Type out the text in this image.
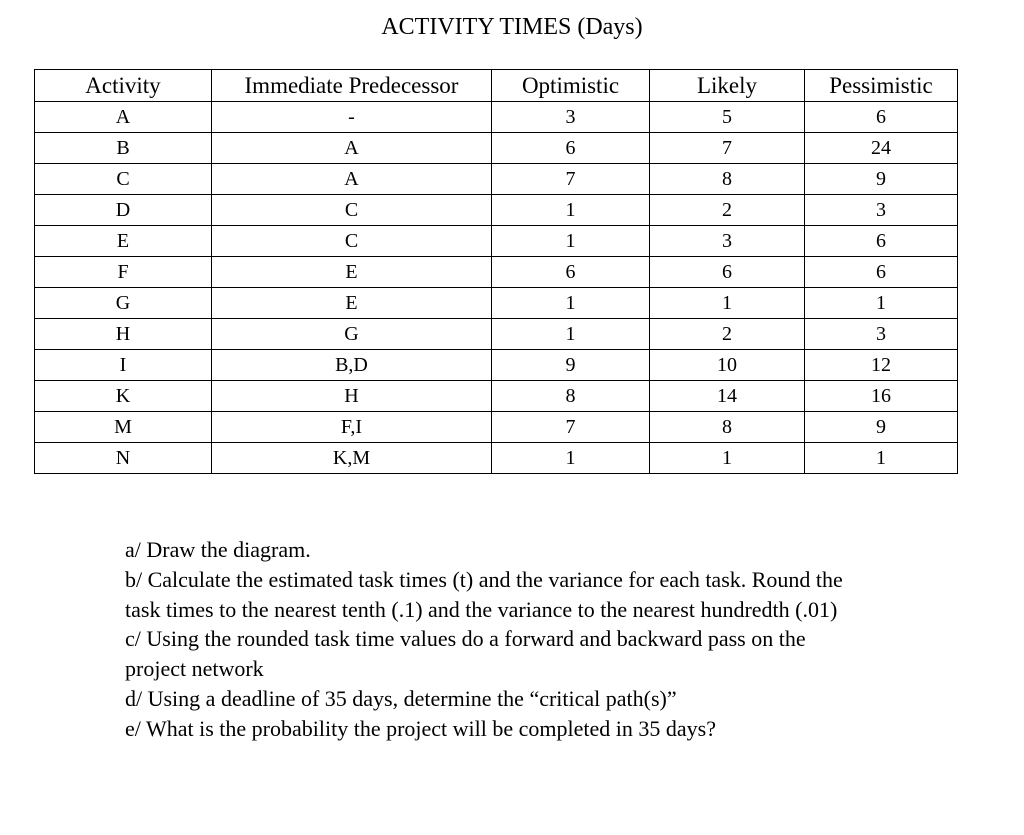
ACTIVITY TIMES (Days)
Activity	Immediate Predecessor	Optimistic	Likely	Pessimistic
A	-	3	5	6
B	A	6	7	24
C	A	7	8	9
D	C	1	2	3
E	C	1	3	6
F	E	6	6	6
G	E	1	1	1
H	G	1	2	3
I	B,D	9	10	12
K	H	8	14	16
M	F,I	7	8	9
N	K,M	1	1	1
a/ Draw the diagram.
b/ Calculate the estimated task times (t) and the variance for each task. Round the
task times to the nearest tenth (.1) and the variance to the nearest hundredth (.01)
c/ Using the rounded task time values do a forward and backward pass on the
project network
d/ Using a deadline of 35 days, determine the “critical path(s)”
e/ What is the probability the project will be completed in 35 days?
